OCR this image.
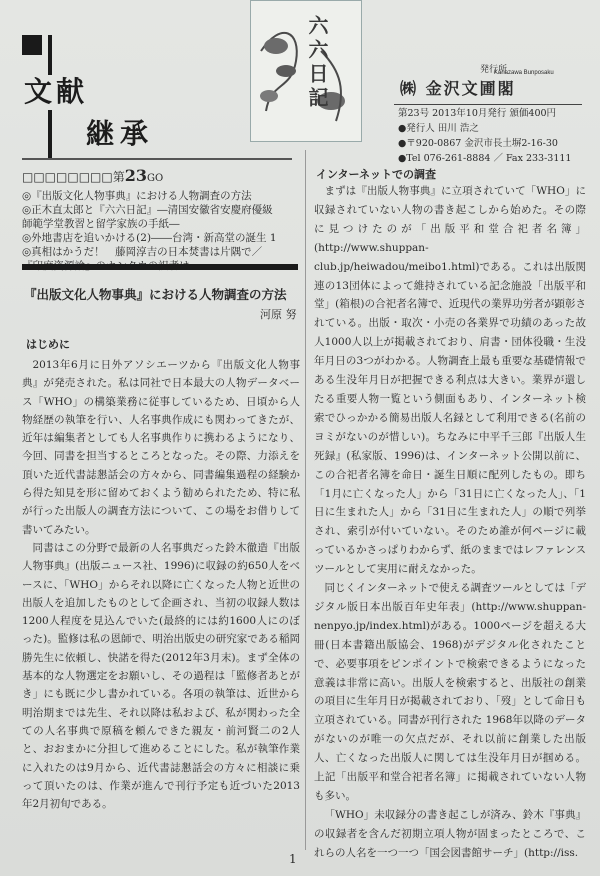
文献
継承
六六日記	発行所
Kanazawa Bunposaku
㈱ 金沢文圃閣
第23号 2013年10月発行 頒価400円
●発行人 田川 浩之
●〒920-0867 金沢市長土塀2-16-30
●Tel 076-261-8884 ／ Fax 233-3111
□□□□□□□□第23GO
◎『出版文化人物事典』における人物調査の方法
◎正木直太郎と『六六日記』―清国安徽省安慶府優級
師範学堂教習と留学家族の手紙―
◎外地書店を追いかける(2)――台湾・新高堂の誕生 1
◎真相はかうだ！　藤岡淳吉の日本焚書は片隅で／
『出版文化人物事典』における人物調査の方法
河原 努
はじめに

2013年6月に日外アソシエーツから『出版文化人物事典』が発売された。私は同社で日本最大の人物データベース「WHO」の構築業務に従事しているため、日頃から人物経歴の執筆を行い、人名事典作成にも関わってきたが、近年は編集者としても人名事典作りに携わるようになり、今回、同書を担当するところとなった。その際、力添えを頂いた近代書誌懇話会の方々から、同書編集過程の経験から得た知見を形に留めておくよう勧められたため、特に私が行った出版人の調査方法について、この場をお借りして書いてみたい。

同書はこの分野で最新の人名事典だった鈴木徹造『出版人物事典』(出版ニュース社、1996)に収録の約650人をベースに、「WHO」からそれ以降に亡くなった人物と近世の出版人を追加したものとして企画され、当初の収録人数は 1200人程度を見込んでいた(最終的には約1600人にのぼった)。監修は私の恩師で、明治出版史の研究家である稲岡勝先生に依頼し、快諾を得た(2012年3月末)。まず全体の基本的な人物選定をお願いし、その過程は「監修者あとがき」にも既に少し書かれている。各項の執筆は、近世から明治期までは先生、それ以降は私および、私が関わった全ての人名事典で原稿を頼んできた親友・前河賢二の2人と、おおまかに分担して進めることにした。私が執筆作業に入れたのは9月から、近代書誌懇話会の方々に相談に乗って頂いたのは、作業が進んで刊行予定も近づいた2013年2月初旬である。

インターネットでの調査

まずは『出版人物事典』に立項されていて「WHO」に収録されていない人物の書き起こしから始めた。その際に見つけたのが「出版平和堂合祀者名簿」(http://www.shuppan-club.jp/heiwadou/meibo1.html)である。これは出版関連の13団体によって維持されている記念施設「出版平和堂」(箱根)の合祀者名簿で、近現代の業界功労者が顕彰されている。出版・取次・小売の各業界で功績のあった故人1000人以上が掲載されており、肩書・団体役職・生没年月日の3つがわかる。人物調査上最も重要な基礎情報である生没年月日が把握できる利点は大きい。業界が還したる重要人物一覧という側面もあり、インターネット検索でひっかかる簡易出版人名録として利用できる(名前のヨミがないのが惜しい)。ちなみに中平千三郎『出版人生死録』(私家版、1996)は、インターネット公開以前に、この合祀者名簿を命日・誕生日順に配列したもの。即ち「1月に亡くなった人」から「31日に亡くなった人」、「1日に生まれた人」から「31日に生まれた人」の順で列挙され、索引が付いていない。そのため誰が何ページに載っているかさっぱりわからず、紙のままではレファレンスツールとして実用に耐えなかった。

同じくインターネットで使える調査ツールとしては「デジタル版日本出版百年史年表」(http://www.shuppan-nenpyo.jp/index.html)がある。1000ページを超える大冊(日本書籍出版協会、1968)がデジタル化されたことで、必要事項をピンポイントで検索できるようになった意義は非常に高い。出版人を検索すると、出版社の創業の項目に生年月日が掲載されており、「歿」として命日も立項されている。同書が刊行された 1968年以降のデータがないのが唯一の欠点だが、それ以前に創業した出版人、亡くなった出版人に関しては生没年月日が掴める。上記「出版平和堂合祀者名簿」に掲載されていない人物も多い。

「WHO」未収録分の書き起こしが済み、鈴木『事典』の収録者を含んだ初期立項人物が固まったところで、これらの人名を一つ一つ「国会図書館サーチ」(http://iss.

1
